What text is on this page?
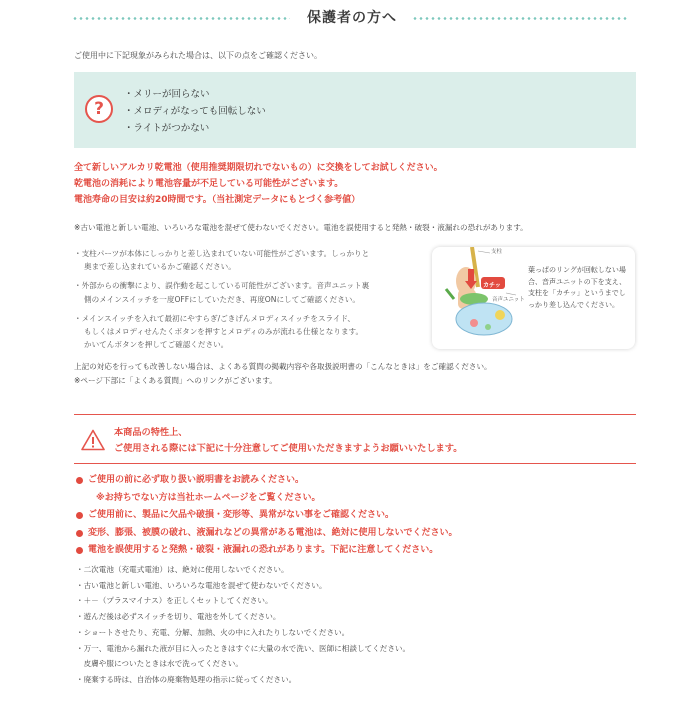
保護者の方へ
ご使用中に下記現象がみられた場合は、以下の点をご確認ください。
?
・メリーが回らない
・メロディがなっても回転しない
・ライトがつかない
全て新しいアルカリ乾電池（使用推奨期限切れでないもの）に交換をしてお試しください。
乾電池の消耗により電池容量が不足している可能性がございます。
電池寿命の目安は約20時間です。（当社測定データにもとづく参考値）
※古い電池と新しい電池、いろいろな電池を混ぜて使わないでください。電池を誤使用すると発熱・破裂・液漏れの恐れがあります。
・支柱パーツが本体にしっかりと差し込まれていない可能性がございます。しっかりと
奥まで差し込まれているかご確認ください。
・外部からの衝撃により、誤作動を起こしている可能性がございます。音声ユニット裏
側のメインスイッチを一度OFFにしていただき、再度ONにしてご確認ください。
・メインスイッチを入れて最初にやすらぎ/ごきげんメロディスイッチをスライド、
もしくはメロディせんたくボタンを押すとメロディのみが流れる仕様となります。
かいてんボタンを押してご確認ください。
支柱
カチッ
音声ユニット
葉っぱのリングが回転しない場合、音声ユニットの下を支え、支柱を「カチッ」というまでしっかり差し込んでください。
上記の対応を行っても改善しない場合は、よくある質問の掲載内容や各取扱説明書の「こんなときは」をご確認ください。
※ページ下部に「よくある質問」へのリンクがございます。
本商品の特性上、
ご使用される際には下記に十分注意してご使用いただきますようお願いいたします。
ご使用の前に必ず取り扱い説明書をお読みください。
※お持ちでない方は当社ホームページをご覧ください。
ご使用前に、製品に欠品や破損・変形等、異常がない事をご確認ください。
変形、膨張、被膜の破れ、液漏れなどの異常がある電池は、絶対に使用しないでください。
電池を誤使用すると発熱・破裂・液漏れの恐れがあります。下記に注意してください。
・二次電池（充電式電池）は、絶対に使用しないでください。
・古い電池と新しい電池、いろいろな電池を混ぜて使わないでください。
・＋－（プラスマイナス）を正しくセットしてください。
・遊んだ後は必ずスイッチを切り、電池を外してください。
・ショートさせたり、充電、分解、加熱、火の中に入れたりしないでください。
・万一、電池から漏れた液が目に入ったときはすぐに大量の水で洗い、医師に相談してください。
　皮膚や服についたときは水で洗ってください。
・廃棄する時は、自治体の廃棄物処理の指示に従ってください。
